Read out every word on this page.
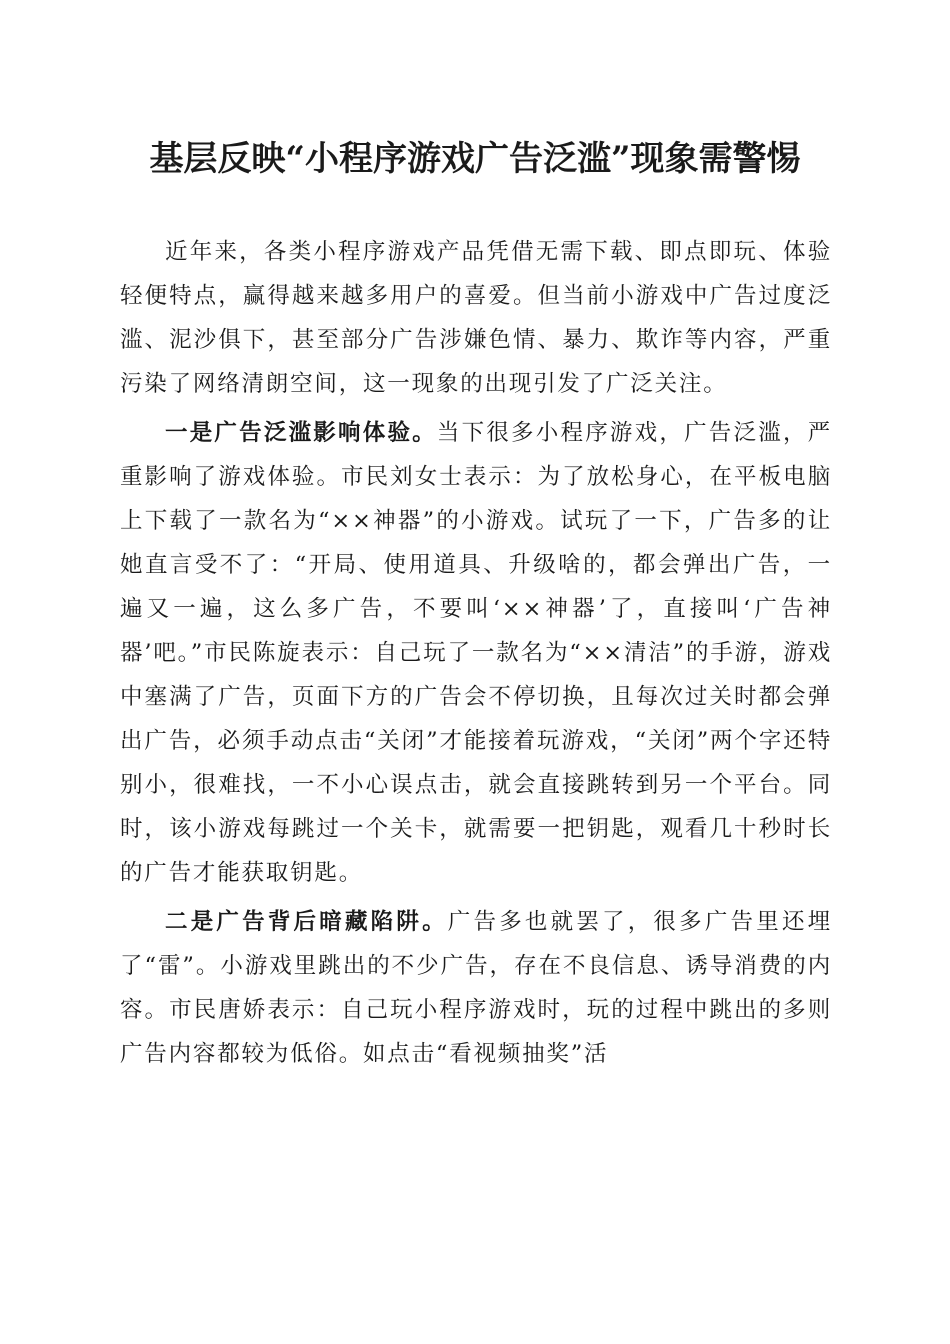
基层反映“小程序游戏广告泛滥”现象需警惕

近年来，各类小程序游戏产品凭借无需下载、即点即玩、体验轻便特点，赢得越来越多用户的喜爱。但当前小游戏中广告过度泛滥、泥沙俱下，甚至部分广告涉嫌色情、暴力、欺诈等内容，严重污染了网络清朗空间，这一现象的出现引发了广泛关注。

一是广告泛滥影响体验。当下很多小程序游戏，广告泛滥，严重影响了游戏体验。市民刘女士表示：为了放松身心，在平板电脑上下载了一款名为“××神器”的小游戏。试玩了一下，广告多的让她直言受不了：“开局、使用道具、升级啥的，都会弹出广告，一遍又一遍，这么多广告，不要叫‘××神器’了，直接叫‘广告神器’吧。”市民陈旋表示：自己玩了一款名为“××清洁”的手游，游戏中塞满了广告，页面下方的广告会不停切换，且每次过关时都会弹出广告，必须手动点击“关闭”才能接着玩游戏，“关闭”两个字还特别小，很难找，一不小心误点击，就会直接跳转到另一个平台。同时，该小游戏每跳过一个关卡，就需要一把钥匙，观看几十秒时长的广告才能获取钥匙。

二是广告背后暗藏陷阱。广告多也就罢了，很多广告里还埋了“雷”。小游戏里跳出的不少广告，存在不良信息、诱导消费的内容。市民唐娇表示：自己玩小程序游戏时，玩的过程中跳出的多则广告内容都较为低俗。如点击“看视频抽奖”活
